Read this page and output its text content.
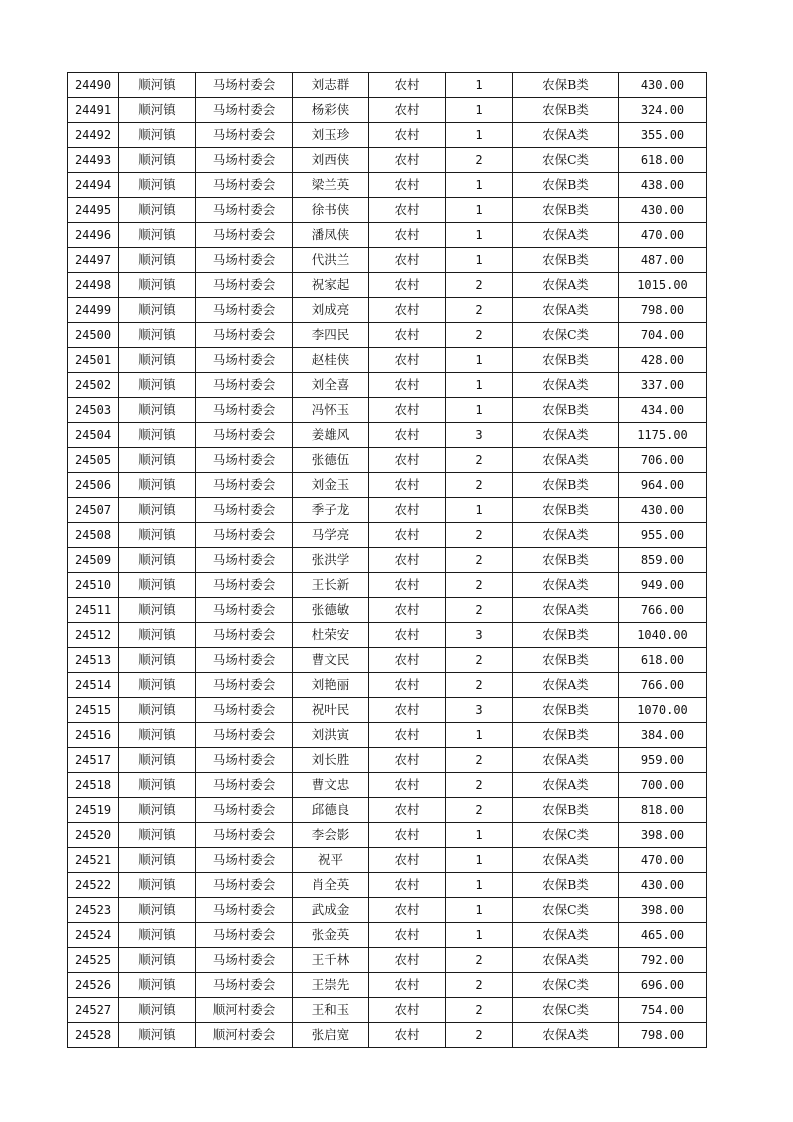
24490	顺河镇	马场村委会	刘志群	农村	1	农保B类	430.00
24491	顺河镇	马场村委会	杨彩侠	农村	1	农保B类	324.00
24492	顺河镇	马场村委会	刘玉珍	农村	1	农保A类	355.00
24493	顺河镇	马场村委会	刘西侠	农村	2	农保C类	618.00
24494	顺河镇	马场村委会	梁兰英	农村	1	农保B类	438.00
24495	顺河镇	马场村委会	徐书侠	农村	1	农保B类	430.00
24496	顺河镇	马场村委会	潘凤侠	农村	1	农保A类	470.00
24497	顺河镇	马场村委会	代洪兰	农村	1	农保B类	487.00
24498	顺河镇	马场村委会	祝家起	农村	2	农保A类	1015.00
24499	顺河镇	马场村委会	刘成亮	农村	2	农保A类	798.00
24500	顺河镇	马场村委会	李四民	农村	2	农保C类	704.00
24501	顺河镇	马场村委会	赵桂侠	农村	1	农保B类	428.00
24502	顺河镇	马场村委会	刘全喜	农村	1	农保A类	337.00
24503	顺河镇	马场村委会	冯怀玉	农村	1	农保B类	434.00
24504	顺河镇	马场村委会	姜雄风	农村	3	农保A类	1175.00
24505	顺河镇	马场村委会	张德伍	农村	2	农保A类	706.00
24506	顺河镇	马场村委会	刘金玉	农村	2	农保B类	964.00
24507	顺河镇	马场村委会	季子龙	农村	1	农保B类	430.00
24508	顺河镇	马场村委会	马学亮	农村	2	农保A类	955.00
24509	顺河镇	马场村委会	张洪学	农村	2	农保B类	859.00
24510	顺河镇	马场村委会	王长新	农村	2	农保A类	949.00
24511	顺河镇	马场村委会	张德敏	农村	2	农保A类	766.00
24512	顺河镇	马场村委会	杜荣安	农村	3	农保B类	1040.00
24513	顺河镇	马场村委会	曹文民	农村	2	农保B类	618.00
24514	顺河镇	马场村委会	刘艳丽	农村	2	农保A类	766.00
24515	顺河镇	马场村委会	祝叶民	农村	3	农保B类	1070.00
24516	顺河镇	马场村委会	刘洪寅	农村	1	农保B类	384.00
24517	顺河镇	马场村委会	刘长胜	农村	2	农保A类	959.00
24518	顺河镇	马场村委会	曹文忠	农村	2	农保A类	700.00
24519	顺河镇	马场村委会	邱德良	农村	2	农保B类	818.00
24520	顺河镇	马场村委会	李会影	农村	1	农保C类	398.00
24521	顺河镇	马场村委会	祝平	农村	1	农保A类	470.00
24522	顺河镇	马场村委会	肖全英	农村	1	农保B类	430.00
24523	顺河镇	马场村委会	武成金	农村	1	农保C类	398.00
24524	顺河镇	马场村委会	张金英	农村	1	农保A类	465.00
24525	顺河镇	马场村委会	王千林	农村	2	农保A类	792.00
24526	顺河镇	马场村委会	王崇先	农村	2	农保C类	696.00
24527	顺河镇	顺河村委会	王和玉	农村	2	农保C类	754.00
24528	顺河镇	顺河村委会	张启宽	农村	2	农保A类	798.00
